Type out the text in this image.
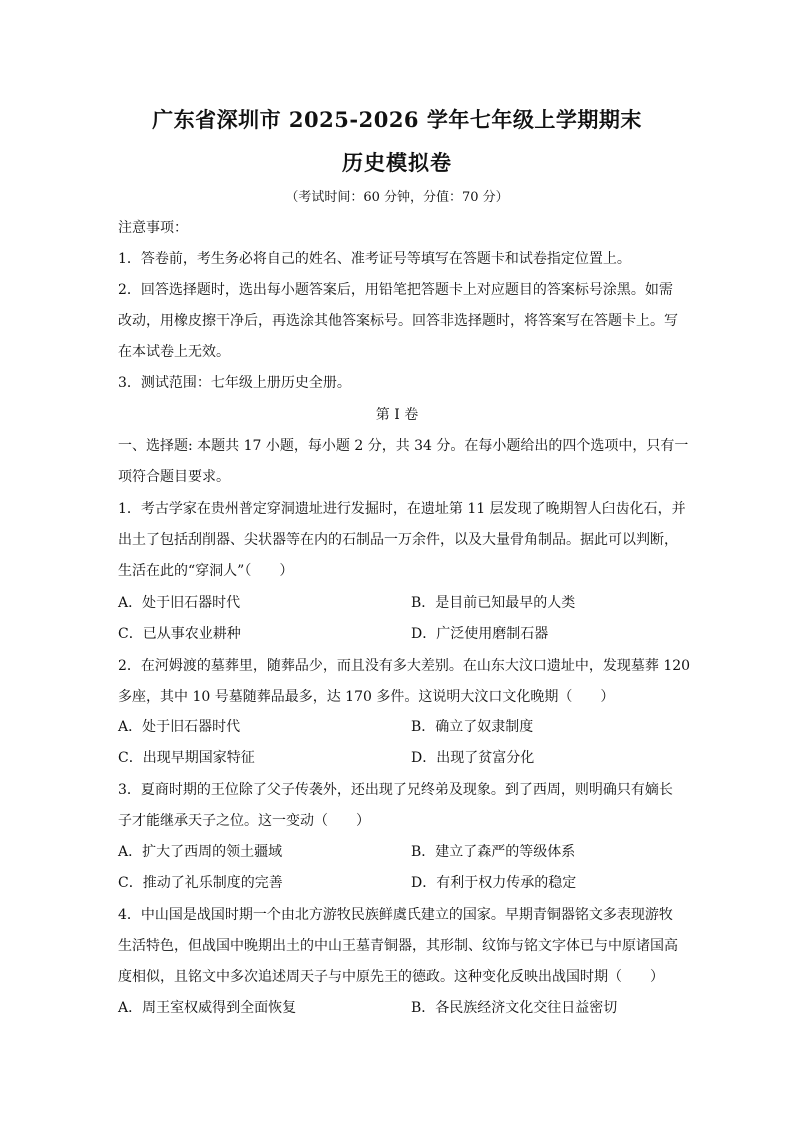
广东省深圳市 2025-2026 学年七年级上学期期末
历史模拟卷
（考试时间：60 分钟，分值：70 分）
注意事项：
1．答卷前，考生务必将自己的姓名、准考证号等填写在答题卡和试卷指定位置上。
2．回答选择题时，选出每小题答案后，用铅笔把答题卡上对应题目的答案标号涂黑。如需
改动，用橡皮擦干净后，再选涂其他答案标号。回答非选择题时，将答案写在答题卡上。写
在本试卷上无效。
3．测试范围：七年级上册历史全册。
第 I 卷
一、选择题: 本题共 17 小题，每小题 2 分，共 34 分。在每小题给出的四个选项中，只有一
项符合题目要求。
1．考古学家在贵州普定穿洞遗址进行发掘时，在遗址第 11 层发现了晚期智人臼齿化石，并
出土了包括刮削器、尖状器等在内的石制品一万余件，以及大量骨角制品。据此可以判断，
生活在此的“穿洞人”（　　）
A．处于旧石器时代	B．是目前已知最早的人类
C．已从事农业耕种	D．广泛使用磨制石器
2．在河姆渡的墓葬里，随葬品少，而且没有多大差别。在山东大汶口遗址中，发现墓葬 120
多座，其中 10 号墓随葬品最多，达 170 多件。这说明大汶口文化晚期（　　）
A．处于旧石器时代	B．确立了奴隶制度
C．出现早期国家特征	D．出现了贫富分化
3．夏商时期的王位除了父子传袭外，还出现了兄终弟及现象。到了西周，则明确只有嫡长
子才能继承天子之位。这一变动（　　）
A．扩大了西周的领土疆域	B．建立了森严的等级体系
C．推动了礼乐制度的完善	D．有利于权力传承的稳定
4．中山国是战国时期一个由北方游牧民族鲜虞氏建立的国家。早期青铜器铭文多表现游牧
生活特色，但战国中晚期出土的中山王墓青铜器，其形制、纹饰与铭文字体已与中原诸国高
度相似，且铭文中多次追述周天子与中原先王的德政。这种变化反映出战国时期（　　）
A．周王室权威得到全面恢复	B．各民族经济文化交往日益密切
